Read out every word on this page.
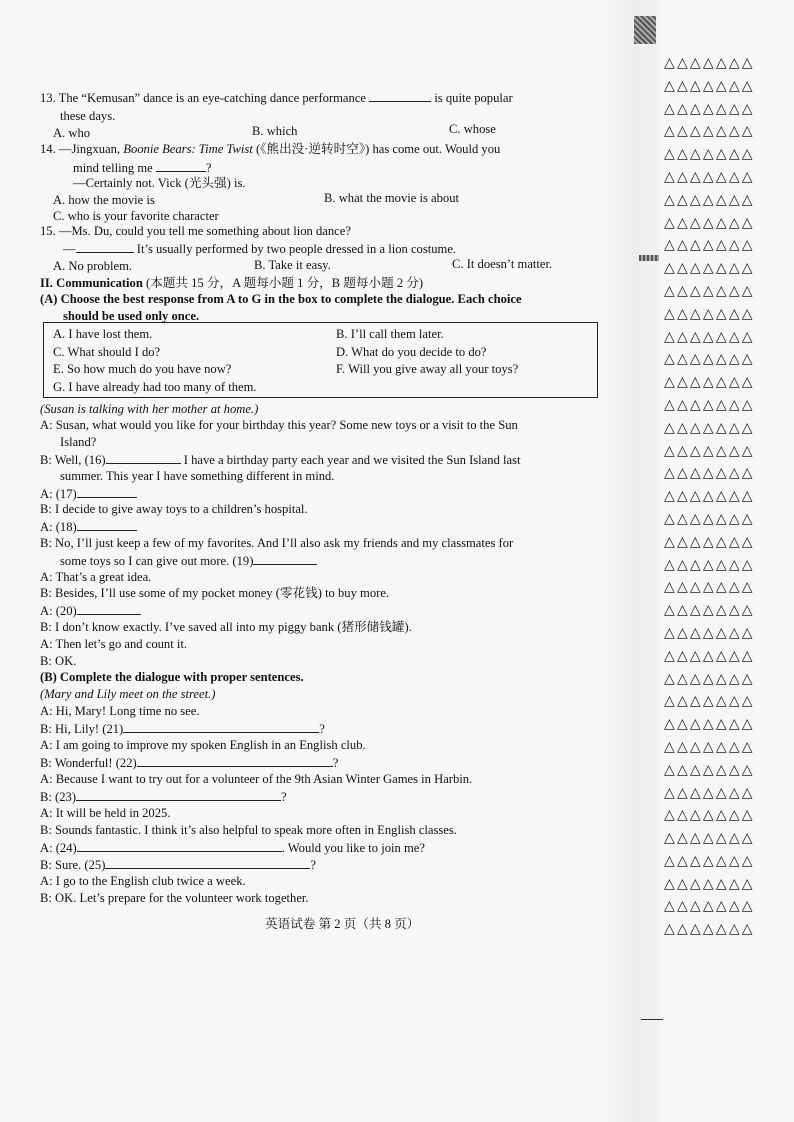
13. The “Kemusan” dance is an eye-catching dance performance	is quite popular
these days.
A. who	B. which	C. whose
14. —Jingxuan, Boonie Bears: Time Twist (《熊出没·逆转时空》) has come out. Would you
mind telling me	?
—Certainly not. Vick (光头强) is.
A. how the movie is	B. what the movie is about
C. who is your favorite character
15. —Ms. Du, could you tell me something about lion dance?
—	It’s usually performed by two people dressed in a lion costume.
A. No problem.	B. Take it easy.	C. It doesn’t matter.
II. Communication (本题共 15 分，A 题每小题 1 分，B 题每小题 2 分)
(A) Choose the best response from A to G in the box to complete the dialogue. Each choice
should be used only once.
A. I have lost them.	B. I’ll call them later.
C. What should I do?	D. What do you decide to do?
E. So how much do you have now?	F. Will you give away all your toys?
G. I have already had too many of them.
(Susan is talking with her mother at home.)
A: Susan, what would you like for your birthday this year? Some new toys or a visit to the Sun
Island?
B: Well, (16)	I have a birthday party each year and we visited the Sun Island last
summer. This year I have something different in mind.
A: (17)
B: I decide to give away toys to a children’s hospital.
A: (18)
B: No, I’ll just keep a few of my favorites. And I’ll also ask my friends and my classmates for
some toys so I can give out more. (19)
A: That’s a great idea.
B: Besides, I’ll use some of my pocket money (零花钱) to buy more.
A: (20)
B: I don’t know exactly. I’ve saved all into my piggy bank (猪形储钱罐).
A: Then let’s go and count it.
B: OK.
(B) Complete the dialogue with proper sentences.
(Mary and Lily meet on the street.)
A: Hi, Mary! Long time no see.
B: Hi, Lily! (21)	?
A: I am going to improve my spoken English in an English club.
B: Wonderful! (22)	?
A: Because I want to try out for a volunteer of the 9th Asian Winter Games in Harbin.
B: (23)	?
A: It will be held in 2025.
B: Sounds fantastic. I think it’s also helpful to speak more often in English classes.
A: (24)	. Would you like to join me?
B: Sure. (25)	?
A: I go to the English club twice a week.
B: OK. Let’s prepare for the volunteer work together.
英语试卷 第 2 页（共 8 页）
△△△△△△△
△△△△△△△
△△△△△△△
△△△△△△△
△△△△△△△
△△△△△△△
△△△△△△△
△△△△△△△
△△△△△△△
△△△△△△△
△△△△△△△
△△△△△△△
△△△△△△△
△△△△△△△
△△△△△△△
△△△△△△△
△△△△△△△
△△△△△△△
△△△△△△△
△△△△△△△
△△△△△△△
△△△△△△△
△△△△△△△
△△△△△△△
△△△△△△△
△△△△△△△
△△△△△△△
△△△△△△△
△△△△△△△
△△△△△△△
△△△△△△△
△△△△△△△
△△△△△△△
△△△△△△△
△△△△△△△
△△△△△△△
△△△△△△△
△△△△△△△
△△△△△△△
